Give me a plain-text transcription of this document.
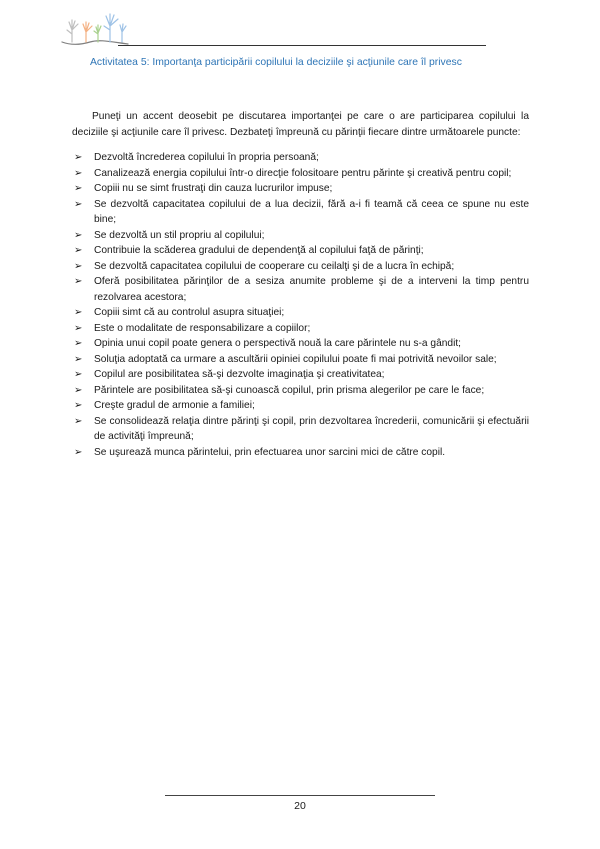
Activitatea 5: Importanţa participării copilului la deciziile şi acţiunile care îl privesc

Puneţi un accent deosebit pe discutarea importanţei pe care o are participarea copilului la deciziile şi acţiunile care îl privesc. Dezbateţi împreună cu părinţii fiecare dintre următoarele puncte:

➢ Dezvoltă încrederea copilului în propria persoană;
➢ Canalizează energia copilului într-o direcţie folositoare pentru părinte şi creativă pentru copil;
➢ Copiii nu se simt frustraţi din cauza lucrurilor impuse;
➢ Se dezvoltă capacitatea copilului de a lua decizii, fără a-i fi teamă că ceea ce spune nu este bine;
➢ Se dezvoltă un stil propriu al copilului;
➢ Contribuie la scăderea gradului de dependenţă al copilului faţă de părinţi;
➢ Se dezvoltă capacitatea copilului de cooperare cu ceilalţi şi de a lucra în echipă;
➢ Oferă posibilitatea părinţilor de a sesiza anumite probleme şi de a interveni la timp pentru rezolvarea acestora;
➢ Copiii simt că au controlul asupra situaţiei;
➢ Este o modalitate de responsabilizare a copiilor;
➢ Opinia unui copil poate genera o perspectivă nouă la care părintele nu s-a gândit;
➢ Soluţia adoptată ca urmare a ascultării opiniei copilului poate fi mai potrivită nevoilor sale;
➢ Copilul are posibilitatea să-şi dezvolte imaginaţia şi creativitatea;
➢ Părintele are posibilitatea să-şi cunoască copilul, prin prisma alegerilor pe care le face;
➢ Creşte gradul de armonie a familiei;
➢ Se consolidează relaţia dintre părinţi şi copil, prin dezvoltarea încrederii, comunicării şi efectuării de activităţi împreună;
➢ Se uşurează munca părintelui, prin efectuarea unor sarcini mici de către copil.
20
